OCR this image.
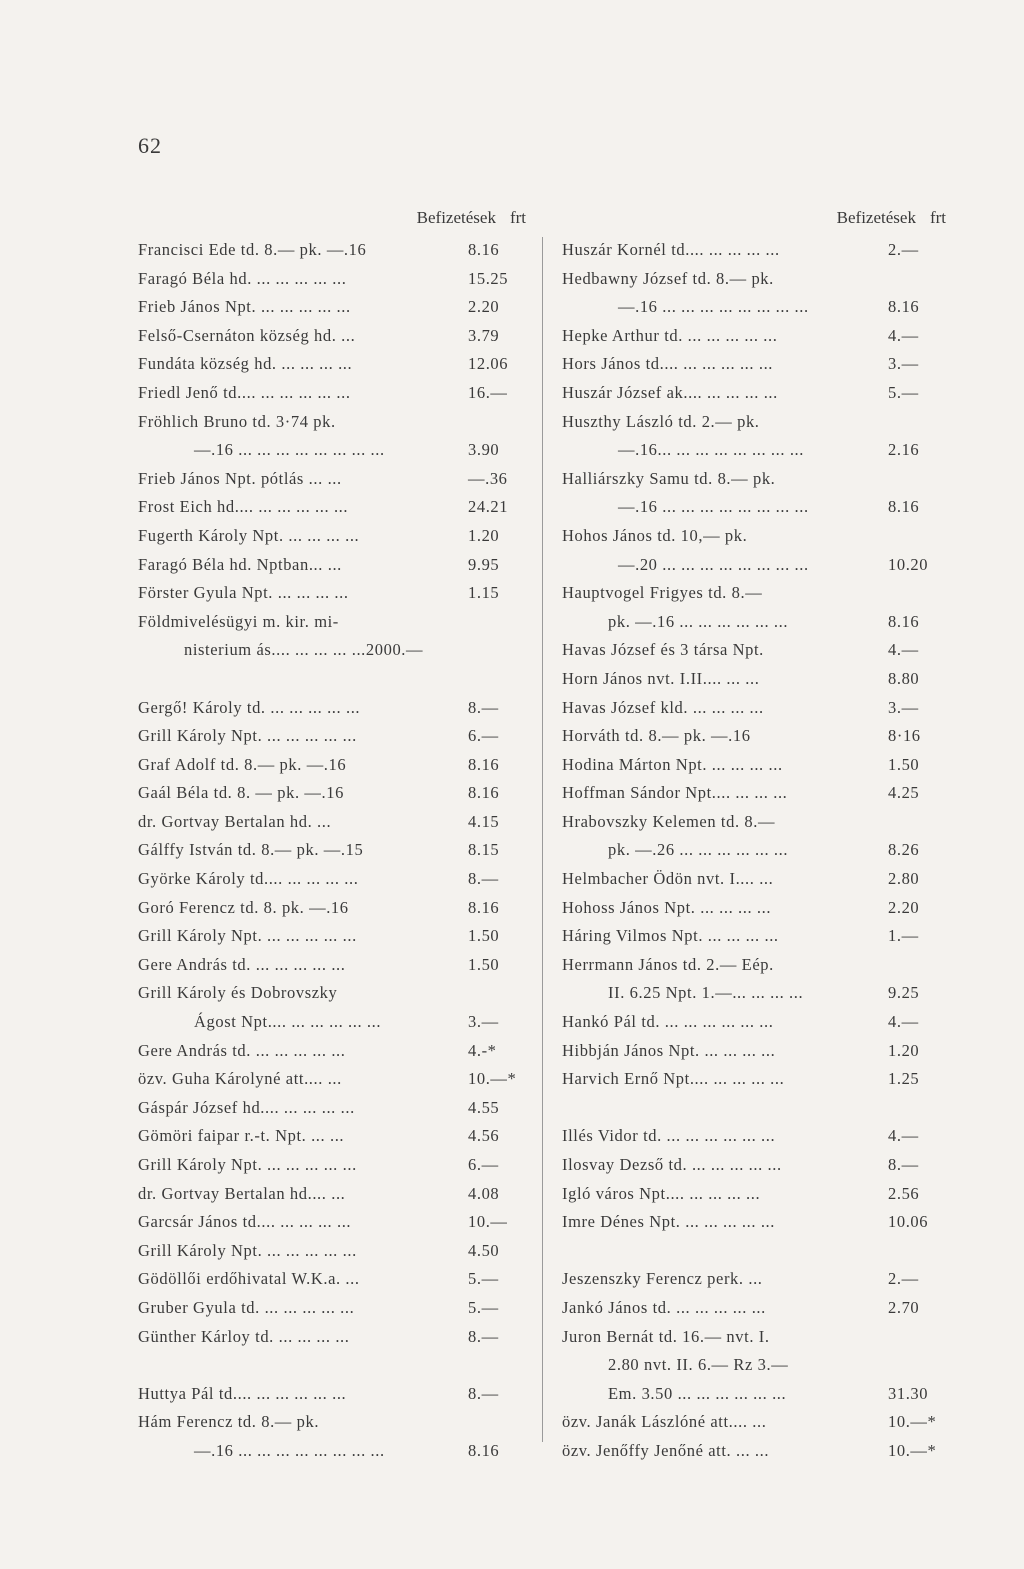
62
Befizetések frt
Francisci Ede td. 8.— pk. —.16	8.16
Faragó Béla hd. ... ... ... ... ...	15.25
Frieb János Npt. ... ... ... ... ...	2.20
Felső-Csernáton község hd. ...	3.79
Fundáta község hd. ... ... ... ...	12.06
Friedl Jenő td.... ... ... ... ... ...	16.—
Fröhlich Bruno td. 3·74 pk.
—.16 ... ... ... ... ... ... ... ...	3.90
Frieb János Npt. pótlás ... ...	—.36
Frost Eich hd.... ... ... ... ... ...	24.21
Fugerth Károly Npt. ... ... ... ...	1.20
Faragó Béla hd. Nptban... ...	9.95
Förster Gyula Npt. ... ... ... ...	1.15
Földmivelésügyi m. kir. mi-
nisterium ás.... ... ... ... ...2000.—
Gergő! Károly td. ... ... ... ... ...	8.—
Grill Károly Npt. ... ... ... ... ...	6.—
Graf Adolf td. 8.— pk. —.16	8.16
Gaál Béla td. 8. — pk. —.16	8.16
dr. Gortvay Bertalan hd. ...	4.15
Gálffy István td. 8.— pk. —.15	8.15
Györke Károly td.... ... ... ... ...	8.—
Goró Ferencz td. 8. pk. —.16	8.16
Grill Károly Npt. ... ... ... ... ...	1.50
Gere András td. ... ... ... ... ...	1.50
Grill Károly és Dobrovszky
Ágost Npt.... ... ... ... ... ...	3.—
Gere András td. ... ... ... ... ...	4.-*
özv. Guha Károlyné att.... ...	10.—*
Gáspár József hd.... ... ... ... ...	4.55
Gömöri faipar r.-t. Npt. ... ...	4.56
Grill Károly Npt. ... ... ... ... ...	6.—
dr. Gortvay Bertalan hd.... ...	4.08
Garcsár János td.... ... ... ... ...	10.—
Grill Károly Npt. ... ... ... ... ...	4.50
Gödöllői erdőhivatal W.K.a. ...	5.—
Gruber Gyula td. ... ... ... ... ...	5.—
Günther Kárloy td. ... ... ... ...	8.—
Huttya Pál td.... ... ... ... ... ...	8.—
Hám Ferencz td. 8.— pk.
—.16 ... ... ... ... ... ... ... ...	8.16
Befizetések frt
Huszár Kornél td.... ... ... ... ...	2.—
Hedbawny József td. 8.— pk.
—.16 ... ... ... ... ... ... ... ...	8.16
Hepke Arthur td. ... ... ... ... ...	4.—
Hors János td.... ... ... ... ... ...	3.—
Huszár József ak.... ... ... ... ...	5.—
Huszthy László td. 2.— pk.
—.16... ... ... ... ... ... ... ...	2.16
Halliárszky Samu td. 8.— pk.
—.16 ... ... ... ... ... ... ... ...	8.16
Hohos János td. 10,— pk.
—.20 ... ... ... ... ... ... ... ...	10.20
Hauptvogel Frigyes td. 8.—
pk. —.16 ... ... ... ... ... ...	8.16
Havas József és 3 társa Npt.	4.—
Horn János nvt. I.II.... ... ...	8.80
Havas József kld. ... ... ... ...	3.—
Horváth td. 8.— pk. —.16	8·16
Hodina Márton Npt. ... ... ... ...	1.50
Hoffman Sándor Npt.... ... ... ...	4.25
Hrabovszky Kelemen td. 8.—
pk. —.26 ... ... ... ... ... ...	8.26
Helmbacher Ödön nvt. I.... ...	2.80
Hohoss János Npt. ... ... ... ...	2.20
Háring Vilmos Npt. ... ... ... ...	1.—
Herrmann János td. 2.— Eép.
II. 6.25 Npt. 1.—... ... ... ...	9.25
Hankó Pál td. ... ... ... ... ... ...	4.—
Hibbján János Npt. ... ... ... ...	1.20
Harvich Ernő Npt.... ... ... ... ...	1.25
Illés Vidor td. ... ... ... ... ... ...	4.—
Ilosvay Dezső td. ... ... ... ... ...	8.—
Igló város Npt.... ... ... ... ...	2.56
Imre Dénes Npt. ... ... ... ... ...	10.06
Jeszenszky Ferencz perk. ...	2.—
Jankó János td. ... ... ... ... ...	2.70
Juron Bernát td. 16.— nvt. I.
2.80 nvt. II. 6.— Rz 3.—
Em. 3.50 ... ... ... ... ... ...	31.30
özv. Janák Lászlóné att.... ...	10.—*
özv. Jenőffy Jenőné att. ... ...	10.—*
